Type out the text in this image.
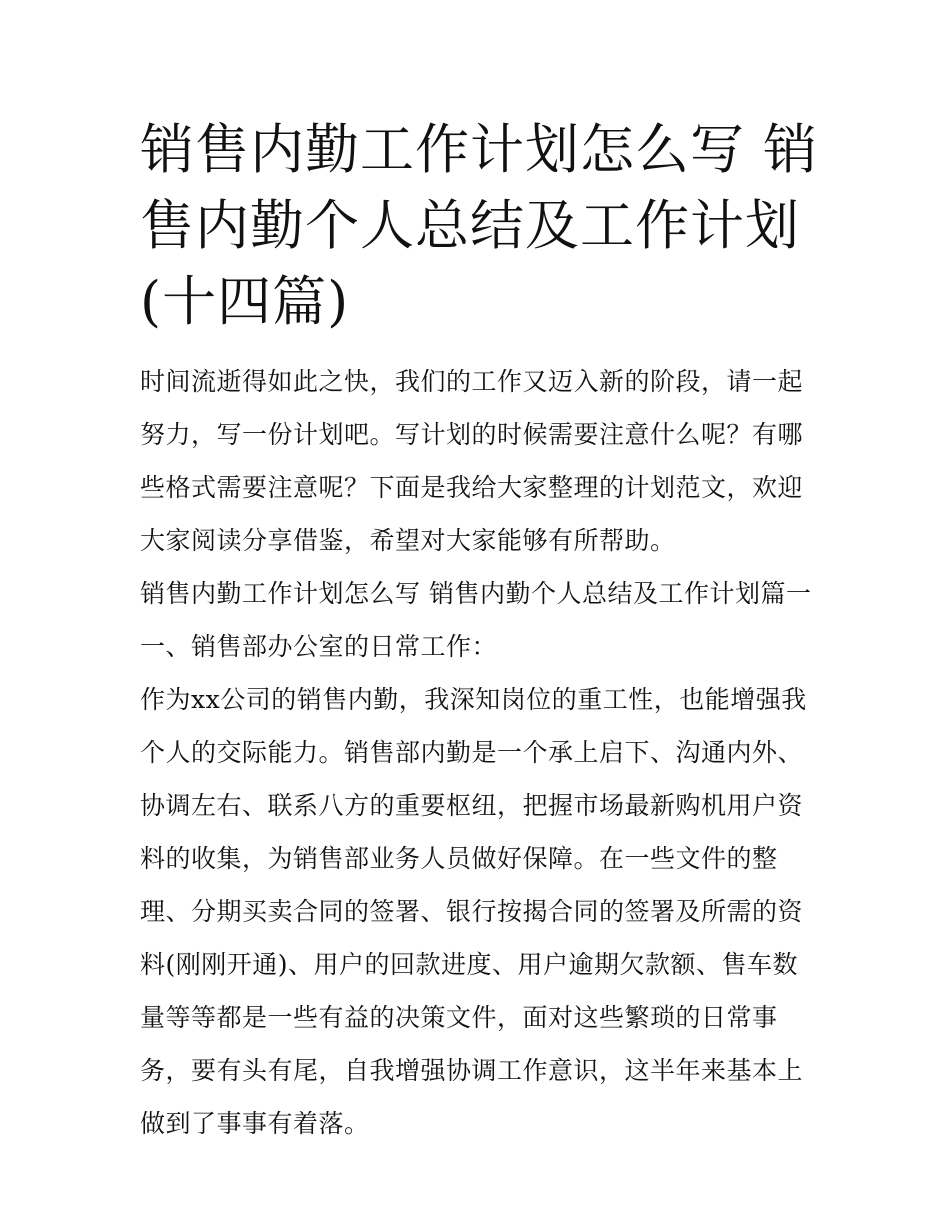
销售内勤工作计划怎么写 销售内勤个人总结及工作计划(十四篇)

时间流逝得如此之快，我们的工作又迈入新的阶段，请一起努力，写一份计划吧。写计划的时候需要注意什么呢？有哪些格式需要注意呢？下面是我给大家整理的计划范文，欢迎大家阅读分享借鉴，希望对大家能够有所帮助。

销售内勤工作计划怎么写 销售内勤个人总结及工作计划篇一

一、销售部办公室的日常工作：

作为xx公司的销售内勤，我深知岗位的重工性，也能增强我个人的交际能力。销售部内勤是一个承上启下、沟通内外、协调左右、联系八方的重要枢纽，把握市场最新购机用户资料的收集，为销售部业务人员做好保障。在一些文件的整理、分期买卖合同的签署、银行按揭合同的签署及所需的资料(刚刚开通)、用户的回款进度、用户逾期欠款额、售车数量等等都是一些有益的决策文件，面对这些繁琐的日常事务，要有头有尾，自我增强协调工作意识，这半年来基本上做到了事事有着落。
